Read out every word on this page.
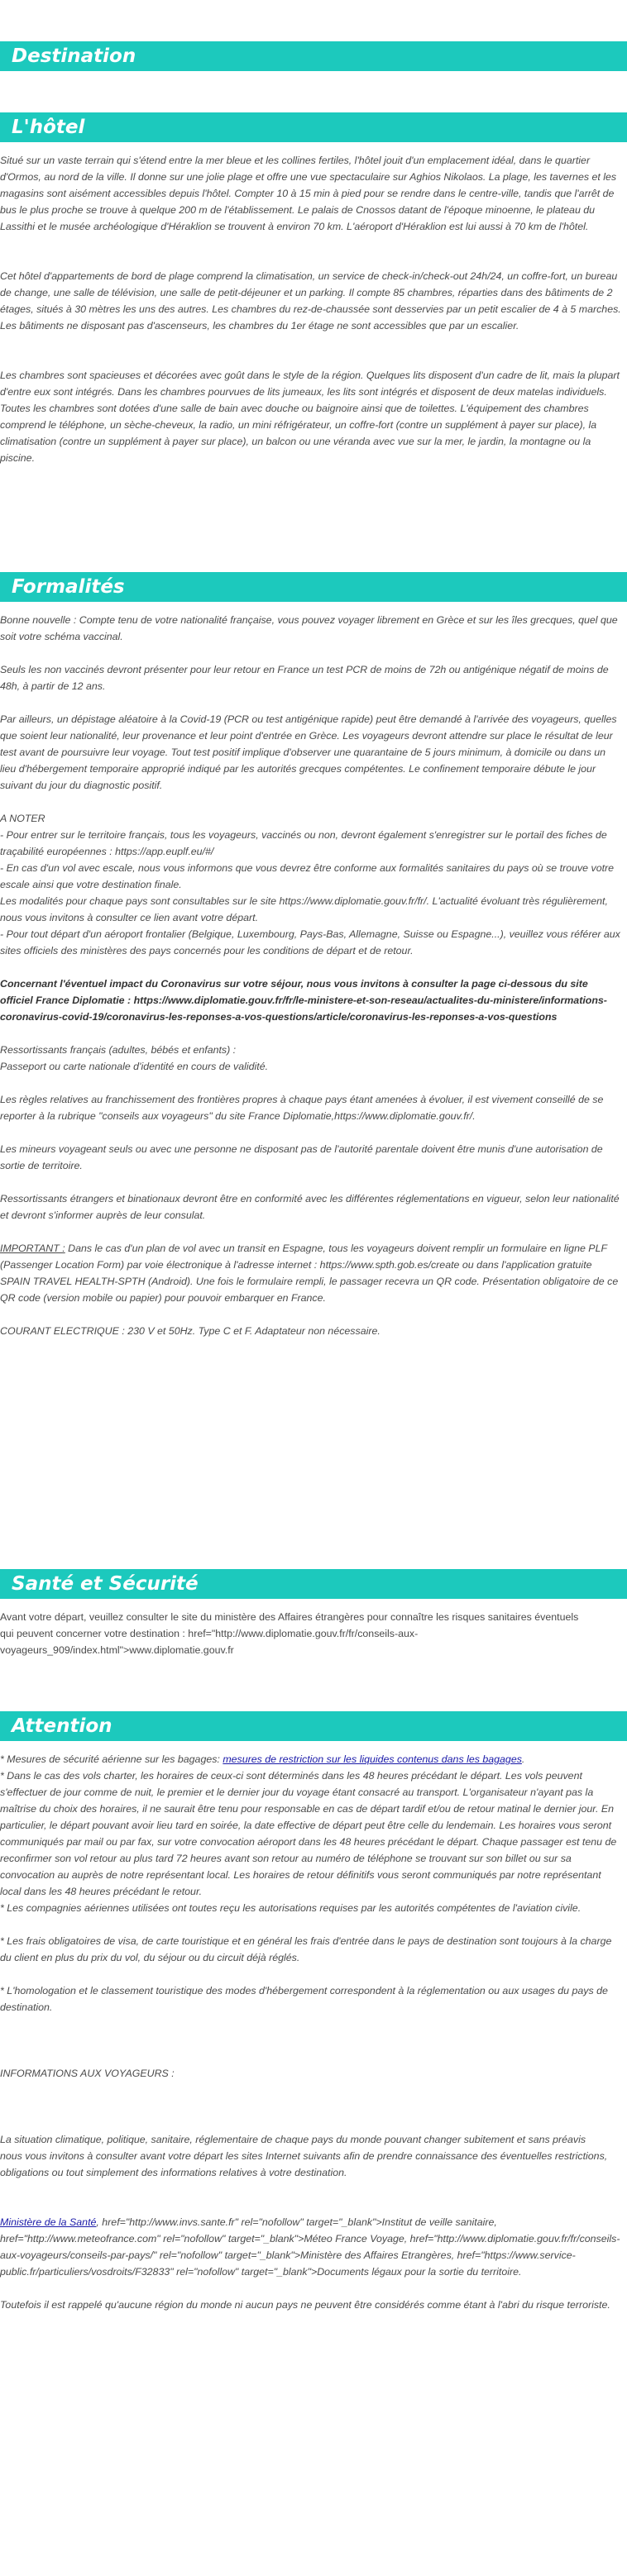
Destination
L'hôtel

Situé sur un vaste terrain qui s'étend entre la mer bleue et les collines fertiles, l'hôtel jouit d'un emplacement idéal, dans le quartier d'Ormos, au nord de la ville. Il donne sur une jolie plage et offre une vue spectaculaire sur Aghios Nikolaos. La plage, les tavernes et les magasins sont aisément accessibles depuis l'hôtel. Compter 10 à 15 min à pied pour se rendre dans le centre-ville, tandis que l'arrêt de bus le plus proche se trouve à quelque 200 m de l'établissement. Le palais de Cnossos datant de l'époque minoenne, le plateau du Lassithi et le musée archéologique d'Héraklion se trouvent à environ 70 km. L'aéroport d'Héraklion est lui aussi à 70 km de l'hôtel.

Cet hôtel d'appartements de bord de plage comprend la climatisation, un service de check-in/check-out 24h/24, un coffre-fort, un bureau de change, une salle de télévision, une salle de petit-déjeuner et un parking. Il compte 85 chambres, réparties dans des bâtiments de 2 étages, situés à 30 mètres les uns des autres. Les chambres du rez-de-chaussée sont desservies par un petit escalier de 4 à 5 marches. Les bâtiments ne disposant pas d'ascenseurs, les chambres du 1er étage ne sont accessibles que par un escalier.

Les chambres sont spacieuses et décorées avec goût dans le style de la région. Quelques lits disposent d'un cadre de lit, mais la plupart d'entre eux sont intégrés. Dans les chambres pourvues de lits jumeaux, les lits sont intégrés et disposent de deux matelas individuels. Toutes les chambres sont dotées d'une salle de bain avec douche ou baignoire ainsi que de toilettes. L'équipement des chambres comprend le téléphone, un sèche-cheveux, la radio, un mini réfrigérateur, un coffre-fort (contre un supplément à payer sur place), la climatisation (contre un supplément à payer sur place), un balcon ou une véranda avec vue sur la mer, le jardin, la montagne ou la piscine.

Formalités

Bonne nouvelle : Compte tenu de votre nationalité française, vous pouvez voyager librement en Grèce et sur les îles grecques, quel que soit votre schéma vaccinal.

Seuls les non vaccinés devront présenter pour leur retour en France un test PCR de moins de 72h ou antigénique négatif de moins de 48h, à partir de 12 ans.

Par ailleurs, un dépistage aléatoire à la Covid-19 (PCR ou test antigénique rapide) peut être demandé à l'arrivée des voyageurs, quelles que soient leur nationalité, leur provenance et leur point d'entrée en Grèce. Les voyageurs devront attendre sur place le résultat de leur test avant de poursuivre leur voyage. Tout test positif implique d'observer une quarantaine de 5 jours minimum, à domicile ou dans un lieu d'hébergement temporaire approprié indiqué par les autorités grecques compétentes. Le confinement temporaire débute le jour suivant du jour du diagnostic positif.

A NOTER

- Pour entrer sur le territoire français, tous les voyageurs, vaccinés ou non, devront également s'enregistrer sur le portail des fiches de traçabilité européennes : https://app.euplf.eu/#/

- En cas d'un vol avec escale, nous vous informons que vous devrez être conforme aux formalités sanitaires du pays où se trouve votre escale ainsi que votre destination finale.

Les modalités pour chaque pays sont consultables sur le site https://www.diplomatie.gouv.fr/fr/. L'actualité évoluant très régulièrement, nous vous invitons à consulter ce lien avant votre départ.

- Pour tout départ d'un aéroport frontalier (Belgique, Luxembourg, Pays-Bas, Allemagne, Suisse ou Espagne...), veuillez vous référer aux sites officiels des ministères des pays concernés pour les conditions de départ et de retour.

Concernant l'éventuel impact du Coronavirus sur votre séjour, nous vous invitons à consulter la page ci-dessous du site officiel France Diplomatie : https://www.diplomatie.gouv.fr/fr/le-ministere-et-son-reseau/actualites-du-ministere/informations-coronavirus-covid-19/coronavirus-les-reponses-a-vos-questions/article/coronavirus-les-reponses-a-vos-questions

Ressortissants français (adultes, bébés et enfants) :

Passeport ou carte nationale d'identité en cours de validité.

Les règles relatives au franchissement des frontières propres à chaque pays étant amenées à évoluer, il est vivement conseillé de se reporter à la rubrique "conseils aux voyageurs" du site France Diplomatie,https://www.diplomatie.gouv.fr/.

Les mineurs voyageant seuls ou avec une personne ne disposant pas de l'autorité parentale doivent être munis d'une autorisation de sortie de territoire.

Ressortissants étrangers et binationaux devront être en conformité avec les différentes réglementations en vigueur, selon leur nationalité et devront s'informer auprès de leur consulat.

IMPORTANT : Dans le cas d'un plan de vol avec un transit en Espagne, tous les voyageurs doivent remplir un formulaire en ligne PLF (Passenger Location Form) par voie électronique à l'adresse internet : https://www.spth.gob.es/create ou dans l'application gratuite SPAIN TRAVEL HEALTH-SPTH (Android). Une fois le formulaire rempli, le passager recevra un QR code. Présentation obligatoire de ce QR code (version mobile ou papier) pour pouvoir embarquer en France.

COURANT ELECTRIQUE : 230 V et 50Hz. Type C et F. Adaptateur non nécessaire.

Santé et Sécurité

Avant votre départ, veuillez consulter le site du ministère des Affaires étrangères pour connaître les risques sanitaires éventuels qui peuvent concerner votre destination : href="http://www.diplomatie.gouv.fr/fr/conseils-aux-voyageurs_909/index.html">www.diplomatie.gouv.fr

Attention

* Mesures de sécurité aérienne sur les bagages: mesures de restriction sur les liquides contenus dans les bagages.

* Dans le cas des vols charter, les horaires de ceux-ci sont déterminés dans les 48 heures précédant le départ. Les vols peuvent s'effectuer de jour comme de nuit, le premier et le dernier jour du voyage étant consacré au transport. L'organisateur n'ayant pas la maîtrise du choix des horaires, il ne saurait être tenu pour responsable en cas de départ tardif et/ou de retour matinal le dernier jour. En particulier, le départ pouvant avoir lieu tard en soirée, la date effective de départ peut être celle du lendemain. Les horaires vous seront communiqués par mail ou par fax, sur votre convocation aéroport dans les 48 heures précédant le départ. Chaque passager est tenu de reconfirmer son vol retour au plus tard 72 heures avant son retour au numéro de téléphone se trouvant sur son billet ou sur sa convocation au auprès de notre représentant local. Les horaires de retour définitifs vous seront communiqués par notre représentant local dans les 48 heures précédant le retour.

* Les compagnies aériennes utilisées ont toutes reçu les autorisations requises par les autorités compétentes de l'aviation civile.

* Les frais obligatoires de visa, de carte touristique et en général les frais d'entrée dans le pays de destination sont toujours à la charge du client en plus du prix du vol, du séjour ou du circuit déjà réglés.

* L'homologation et le classement touristique des modes d'hébergement correspondent à la réglementation ou aux usages du pays de destination.

INFORMATIONS AUX VOYAGEURS :

La situation climatique, politique, sanitaire, réglementaire de chaque pays du monde pouvant changer subitement et sans préavis

nous vous invitons à consulter avant votre départ les sites Internet suivants afin de prendre connaissance des éventuelles restrictions, obligations ou tout simplement des informations relatives à votre destination.

Ministère de la Santé, href="http://www.invs.sante.fr" rel="nofollow" target="_blank">Institut de veille sanitaire, href="http://www.meteofrance.com" rel="nofollow" target="_blank">Méteo France Voyage, href="http://www.diplomatie.gouv.fr/fr/conseils-aux-voyageurs/conseils-par-pays/" rel="nofollow" target="_blank">Ministère des Affaires Etrangères, href="https://www.service-public.fr/particuliers/vosdroits/F32833" rel="nofollow" target="_blank">Documents légaux pour la sortie du territoire.

Toutefois il est rappelé qu'aucune région du monde ni aucun pays ne peuvent être considérés comme étant à l'abri du risque terroriste.
